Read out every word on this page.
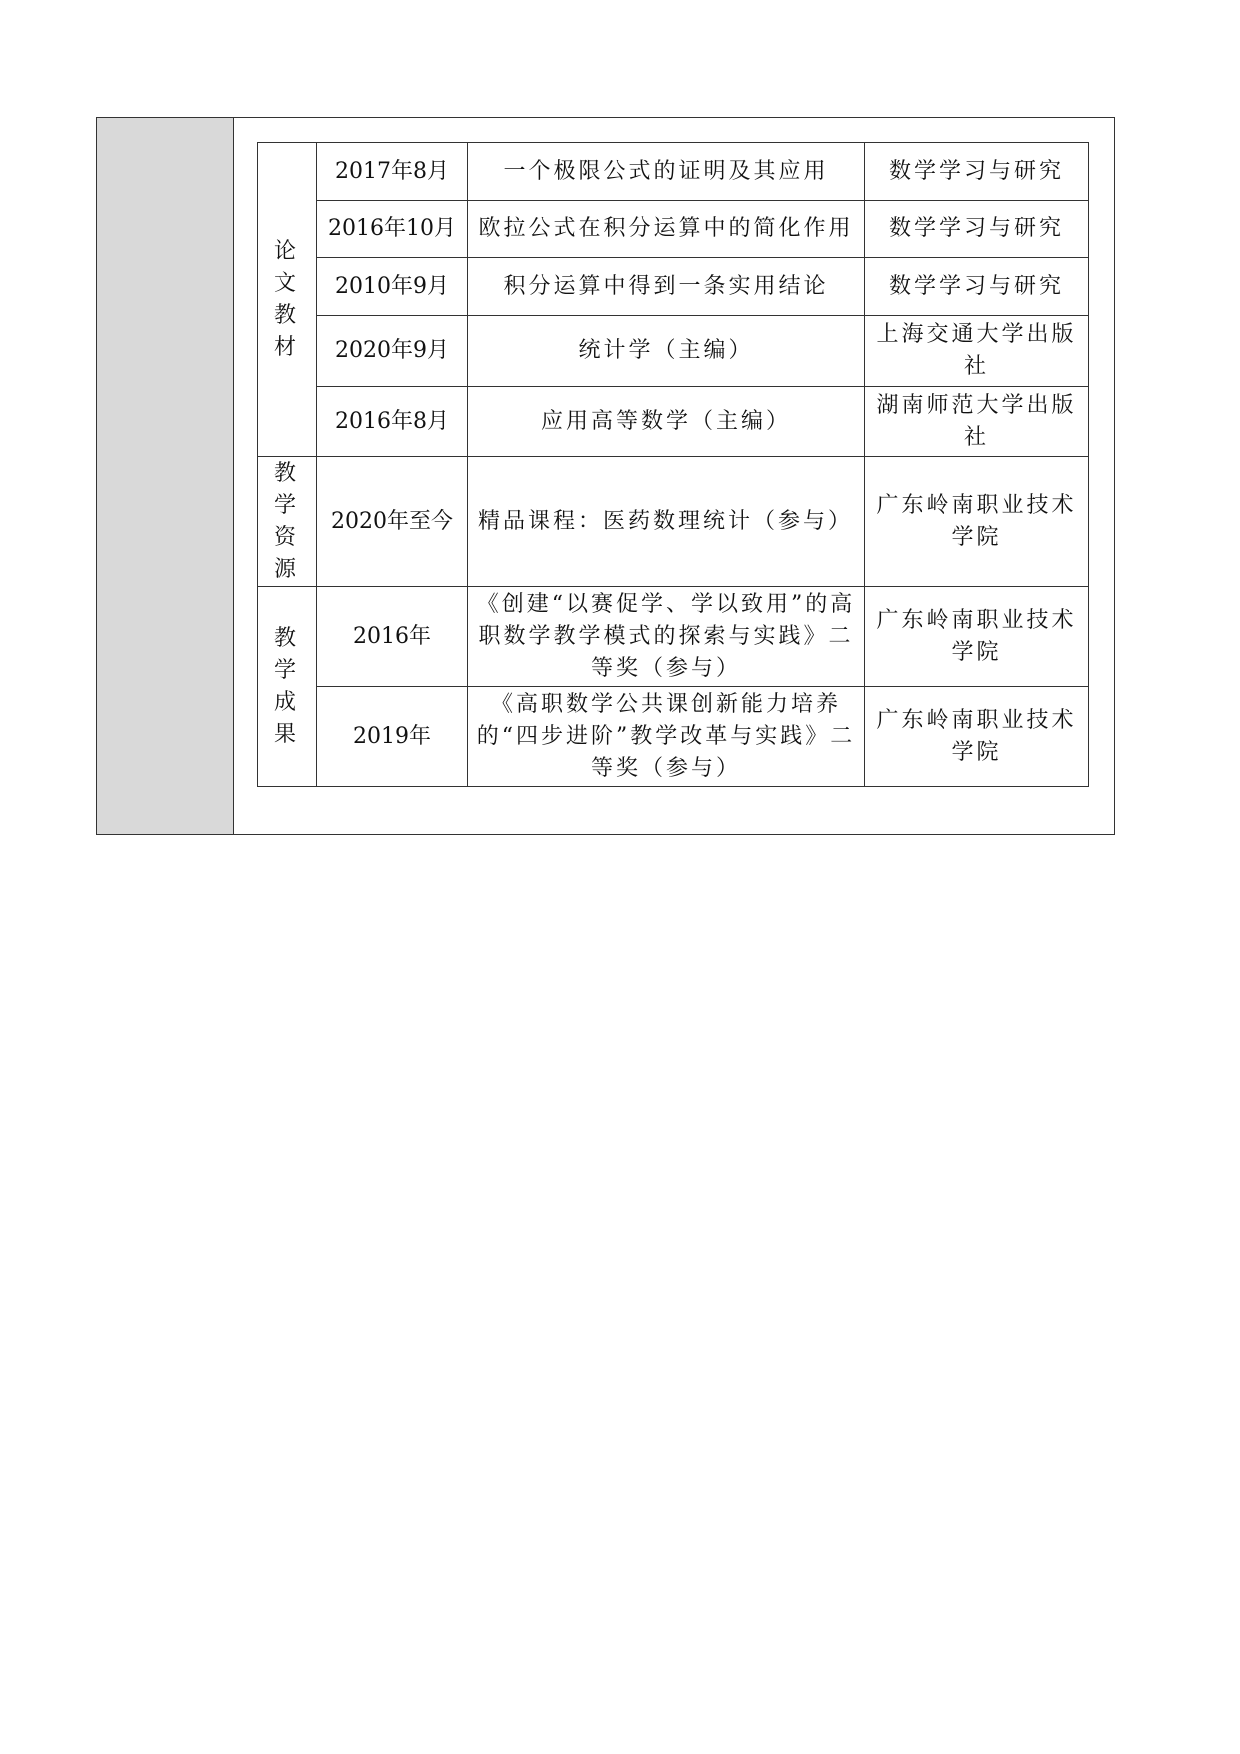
论文教材	2017年8月	一个极限公式的证明及其应用	数学学习与研究
	2016年10月	欧拉公式在积分运算中的简化作用	数学学习与研究
	2010年9月	积分运算中得到一条实用结论	数学学习与研究
	2020年9月	统计学（主编）	上海交通大学出版社
	2016年8月	应用高等数学（主编）	湖南师范大学出版社
教学资源	2020年至今	精品课程：医药数理统计（参与）	广东岭南职业技术学院
教学成果	2016年	《创建“以赛促学、学以致用”的高职数学教学模式的探索与实践》二等奖（参与）	广东岭南职业技术学院
	2019年	《高职数学公共课创新能力培养的“四步进阶”教学改革与实践》二等奖（参与）	广东岭南职业技术学院
